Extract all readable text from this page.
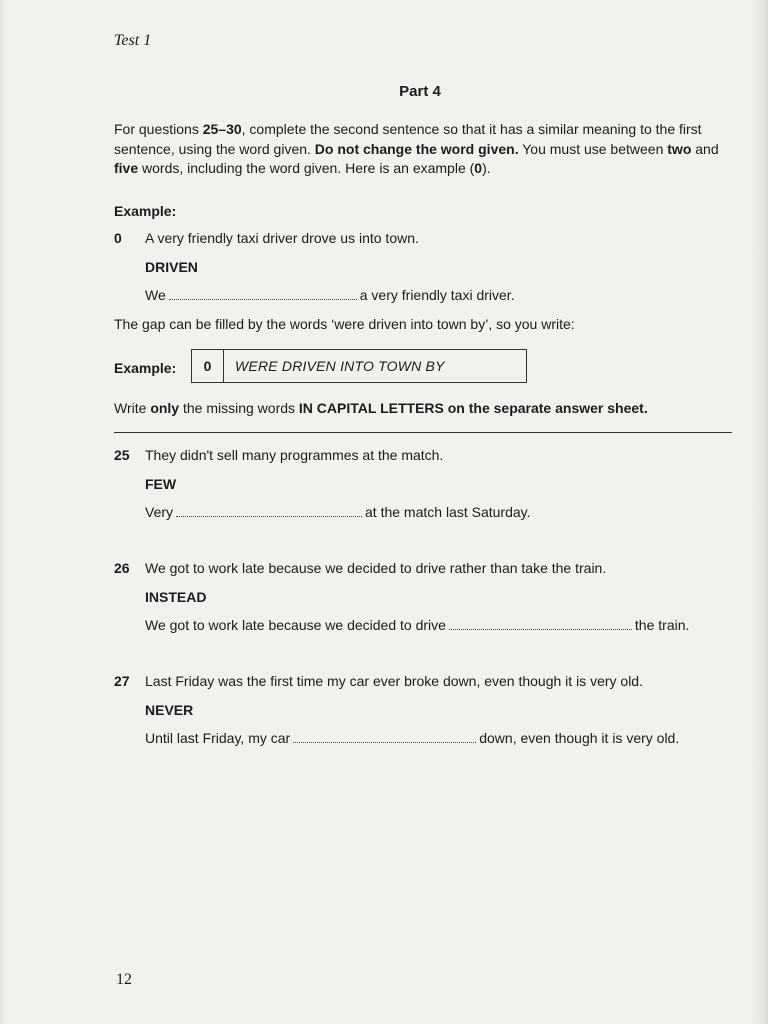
Test 1
Part 4
For questions 25–30, complete the second sentence so that it has a similar meaning to the first sentence, using the word given. Do not change the word given. You must use between two and five words, including the word given. Here is an example (0).
Example:
0 A very friendly taxi driver drove us into town.
DRIVEN
We	a very friendly taxi driver.
The gap can be filled by the words ‘were driven into town by’, so you write:
Example:	0	WERE DRIVEN INTO TOWN BY
Write only the missing words IN CAPITAL LETTERS on the separate answer sheet.
25 They didn't sell many programmes at the match.
FEW
Very	at the match last Saturday.
26 We got to work late because we decided to drive rather than take the train.
INSTEAD
We got to work late because we decided to drive	the train.
27 Last Friday was the first time my car ever broke down, even though it is very old.
NEVER
Until last Friday, my car	down, even though it is very old.
12
